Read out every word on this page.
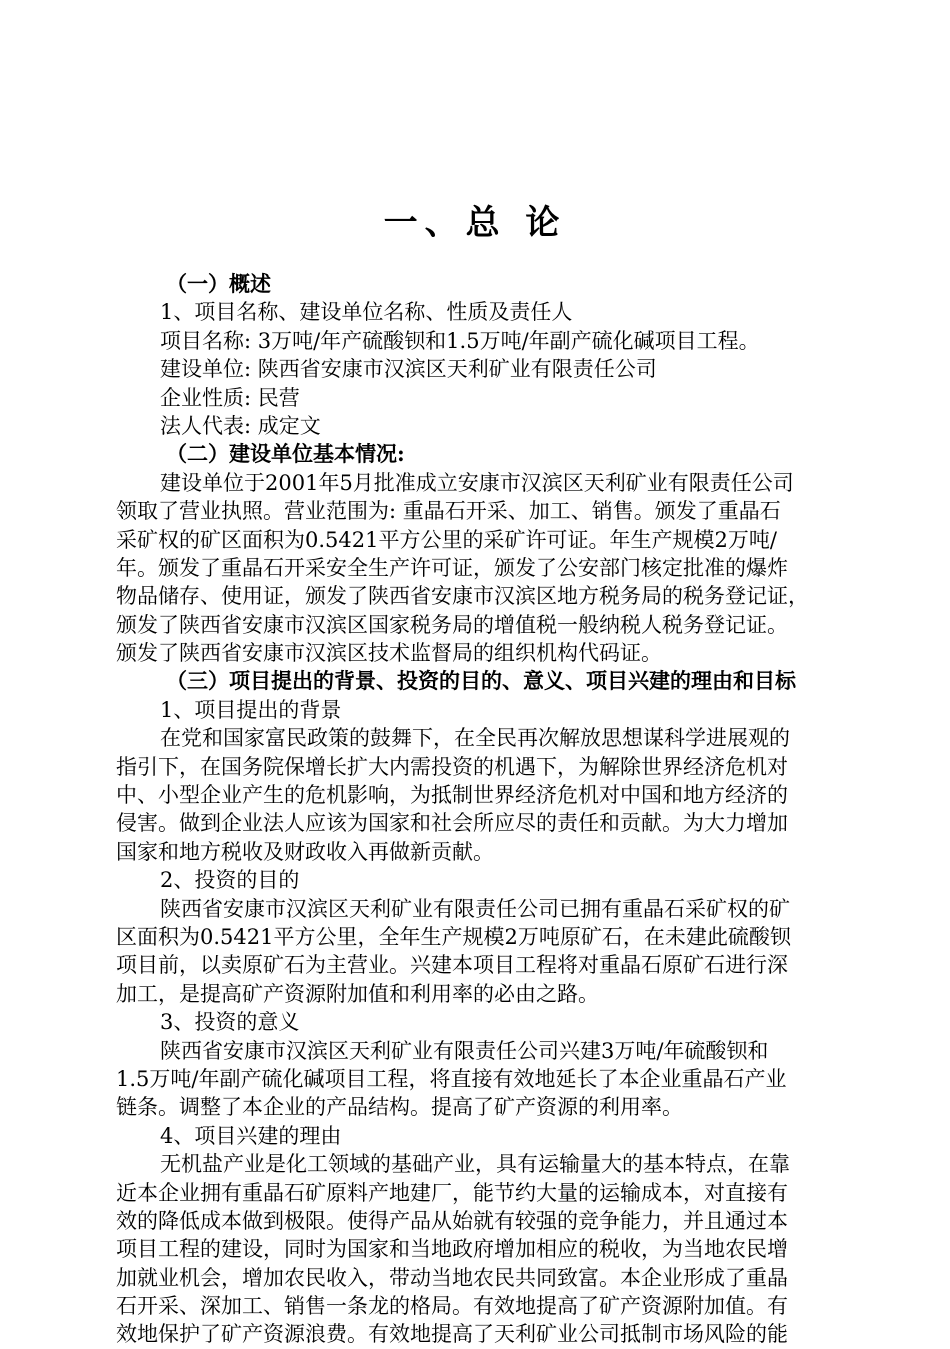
一、总 论
（一）概述
1、项目名称、建设单位名称、性质及责任人
项目名称: 3万吨/年产硫酸钡和1.5万吨/年副产硫化碱项目工程。
建设单位: 陕西省安康市汉滨区天利矿业有限责任公司
企业性质: 民营
法人代表: 成定文
（二）建设单位基本情况:
建设单位于2001年5月批准成立安康市汉滨区天利矿业有限责任公司
领取了营业执照。营业范围为: 重晶石开采、加工、销售。颁发了重晶石
采矿权的矿区面积为0.5421平方公里的采矿许可证。年生产规模2万吨/
年。颁发了重晶石开采安全生产许可证，颁发了公安部门核定批准的爆炸
物品储存、使用证，颁发了陕西省安康市汉滨区地方税务局的税务登记证，
颁发了陕西省安康市汉滨区国家税务局的增值税一般纳税人税务登记证。
颁发了陕西省安康市汉滨区技术监督局的组织机构代码证。
（三）项目提出的背景、投资的目的、意义、项目兴建的理由和目标
1、项目提出的背景
在党和国家富民政策的鼓舞下，在全民再次解放思想谋科学进展观的
指引下，在国务院保增长扩大内需投资的机遇下，为解除世界经济危机对
中、小型企业产生的危机影响，为抵制世界经济危机对中国和地方经济的
侵害。做到企业法人应该为国家和社会所应尽的责任和贡献。为大力增加
国家和地方税收及财政收入再做新贡献。
2、投资的目的
陕西省安康市汉滨区天利矿业有限责任公司已拥有重晶石采矿权的矿
区面积为0.5421平方公里，全年生产规模2万吨原矿石，在未建此硫酸钡
项目前，以卖原矿石为主营业。兴建本项目工程将对重晶石原矿石进行深
加工，是提高矿产资源附加值和利用率的必由之路。
3、投资的意义
陕西省安康市汉滨区天利矿业有限责任公司兴建3万吨/年硫酸钡和
1.5万吨/年副产硫化碱项目工程，将直接有效地延长了本企业重晶石产业
链条。调整了本企业的产品结构。提高了矿产资源的利用率。
4、项目兴建的理由
无机盐产业是化工领域的基础产业，具有运输量大的基本特点，在靠
近本企业拥有重晶石矿原料产地建厂，能节约大量的运输成本，对直接有
效的降低成本做到极限。使得产品从始就有较强的竞争能力，并且通过本
项目工程的建设，同时为国家和当地政府增加相应的税收，为当地农民增
加就业机会，增加农民收入，带动当地农民共同致富。本企业形成了重晶
石开采、深加工、销售一条龙的格局。有效地提高了矿产资源附加值。有
效地保护了矿产资源浪费。有效地提高了天利矿业公司抵制市场风险的能
